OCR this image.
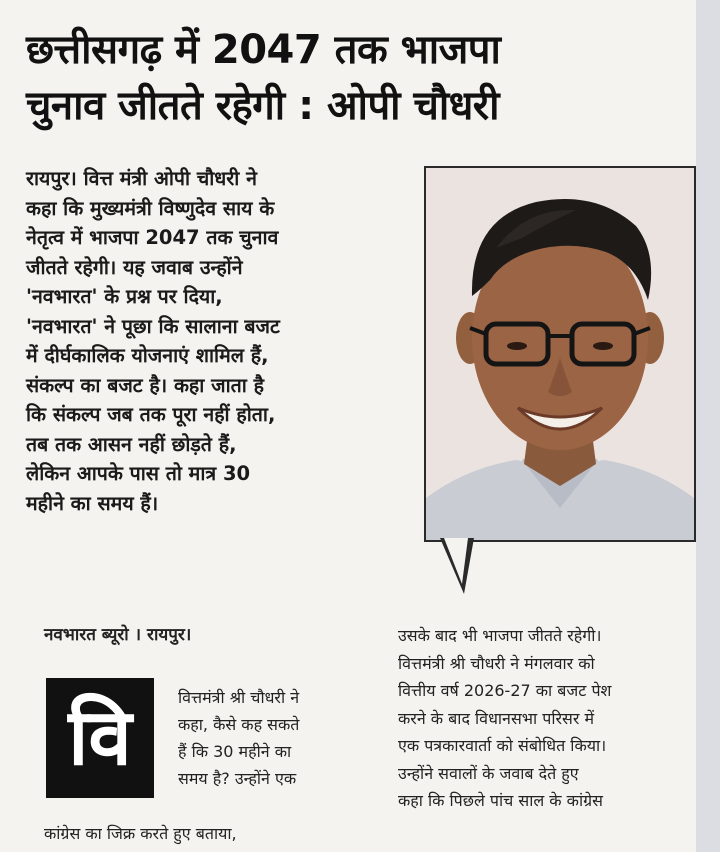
छत्तीसगढ़ में 2047 तक भाजपा
चुनाव जीतते रहेगी : ओपी चौधरी
रायपुर। वित्त मंत्री ओपी चौधरी ने
कहा कि मुख्यमंत्री विष्णुदेव साय के
नेतृत्व में भाजपा 2047 तक चुनाव
जीतते रहेगी। यह जवाब उन्होंने
'नवभारत' के प्रश्न पर दिया,
'नवभारत' ने पूछा कि सालाना बजट
में दीर्घकालिक योजनाएं शामिल हैं,
संकल्प का बजट है। कहा जाता है
कि संकल्प जब तक पूरा नहीं होता,
तब तक आसन नहीं छोड़ते हैं,
लेकिन आपके पास तो मात्र 30
महीने का समय हैं।
नवभारत ब्यूरो । रायपुर।
वि	वित्तमंत्री श्री चौधरी ने
कहा, कैसे कह सकते
हैं कि 30 महीने का
समय है? उन्होंने एक
कांग्रेस का जिक्र करते हुए बताया,
उसके बाद भी भाजपा जीतते रहेगी।
वित्तमंत्री श्री चौधरी ने मंगलवार को
वित्तीय वर्ष 2026-27 का बजट पेश
करने के बाद विधानसभा परिसर में
एक पत्रकारवार्ता को संबोधित किया।
उन्होंने सवालों के जवाब देते हुए
कहा कि पिछले पांच साल के कांग्रेस
